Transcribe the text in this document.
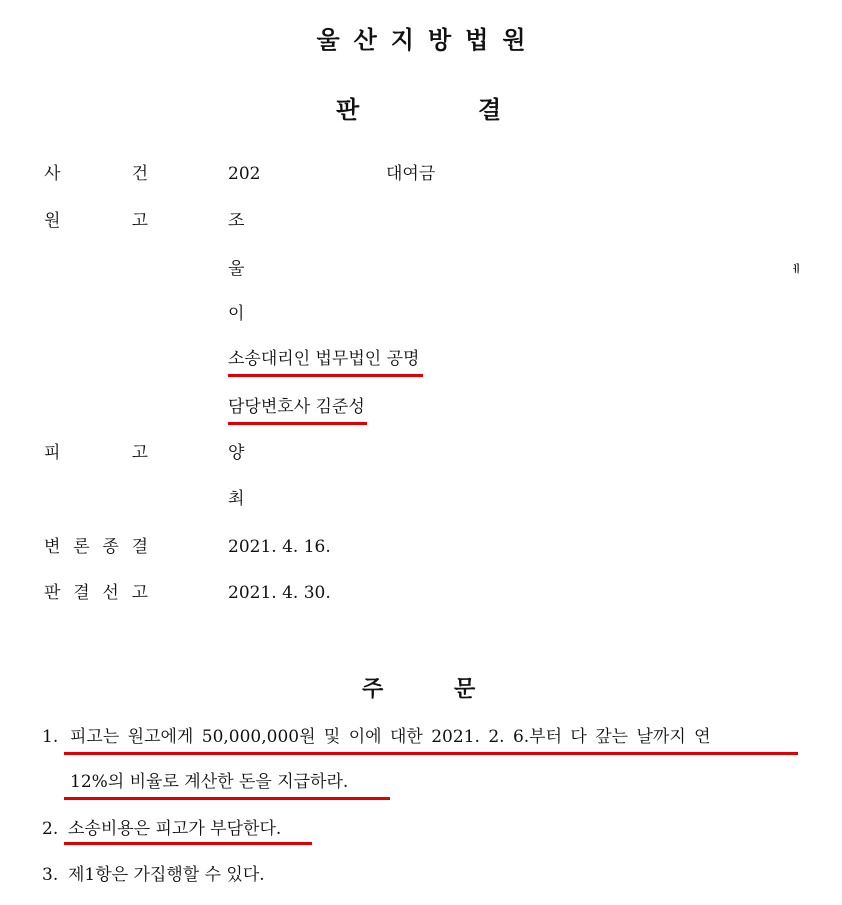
울산지방법원
판	결
사	건	202	대여금
원	고	조
울	ᅦ
이
소송대리인 법무법인 공명
담당변호사 김준성
피	고	양
최
변 론 종 결	2021. 4. 16.
판 결 선 고	2021. 4. 30.
주	문
1. 피고는 원고에게 50,000,000원 및 이에 대한 2021. 2. 6.부터 다 갚는 날까지 연
12%의 비율로 계산한 돈을 지급하라.
2. 소송비용은 피고가 부담한다.
3. 제1항은 가집행할 수 있다.
